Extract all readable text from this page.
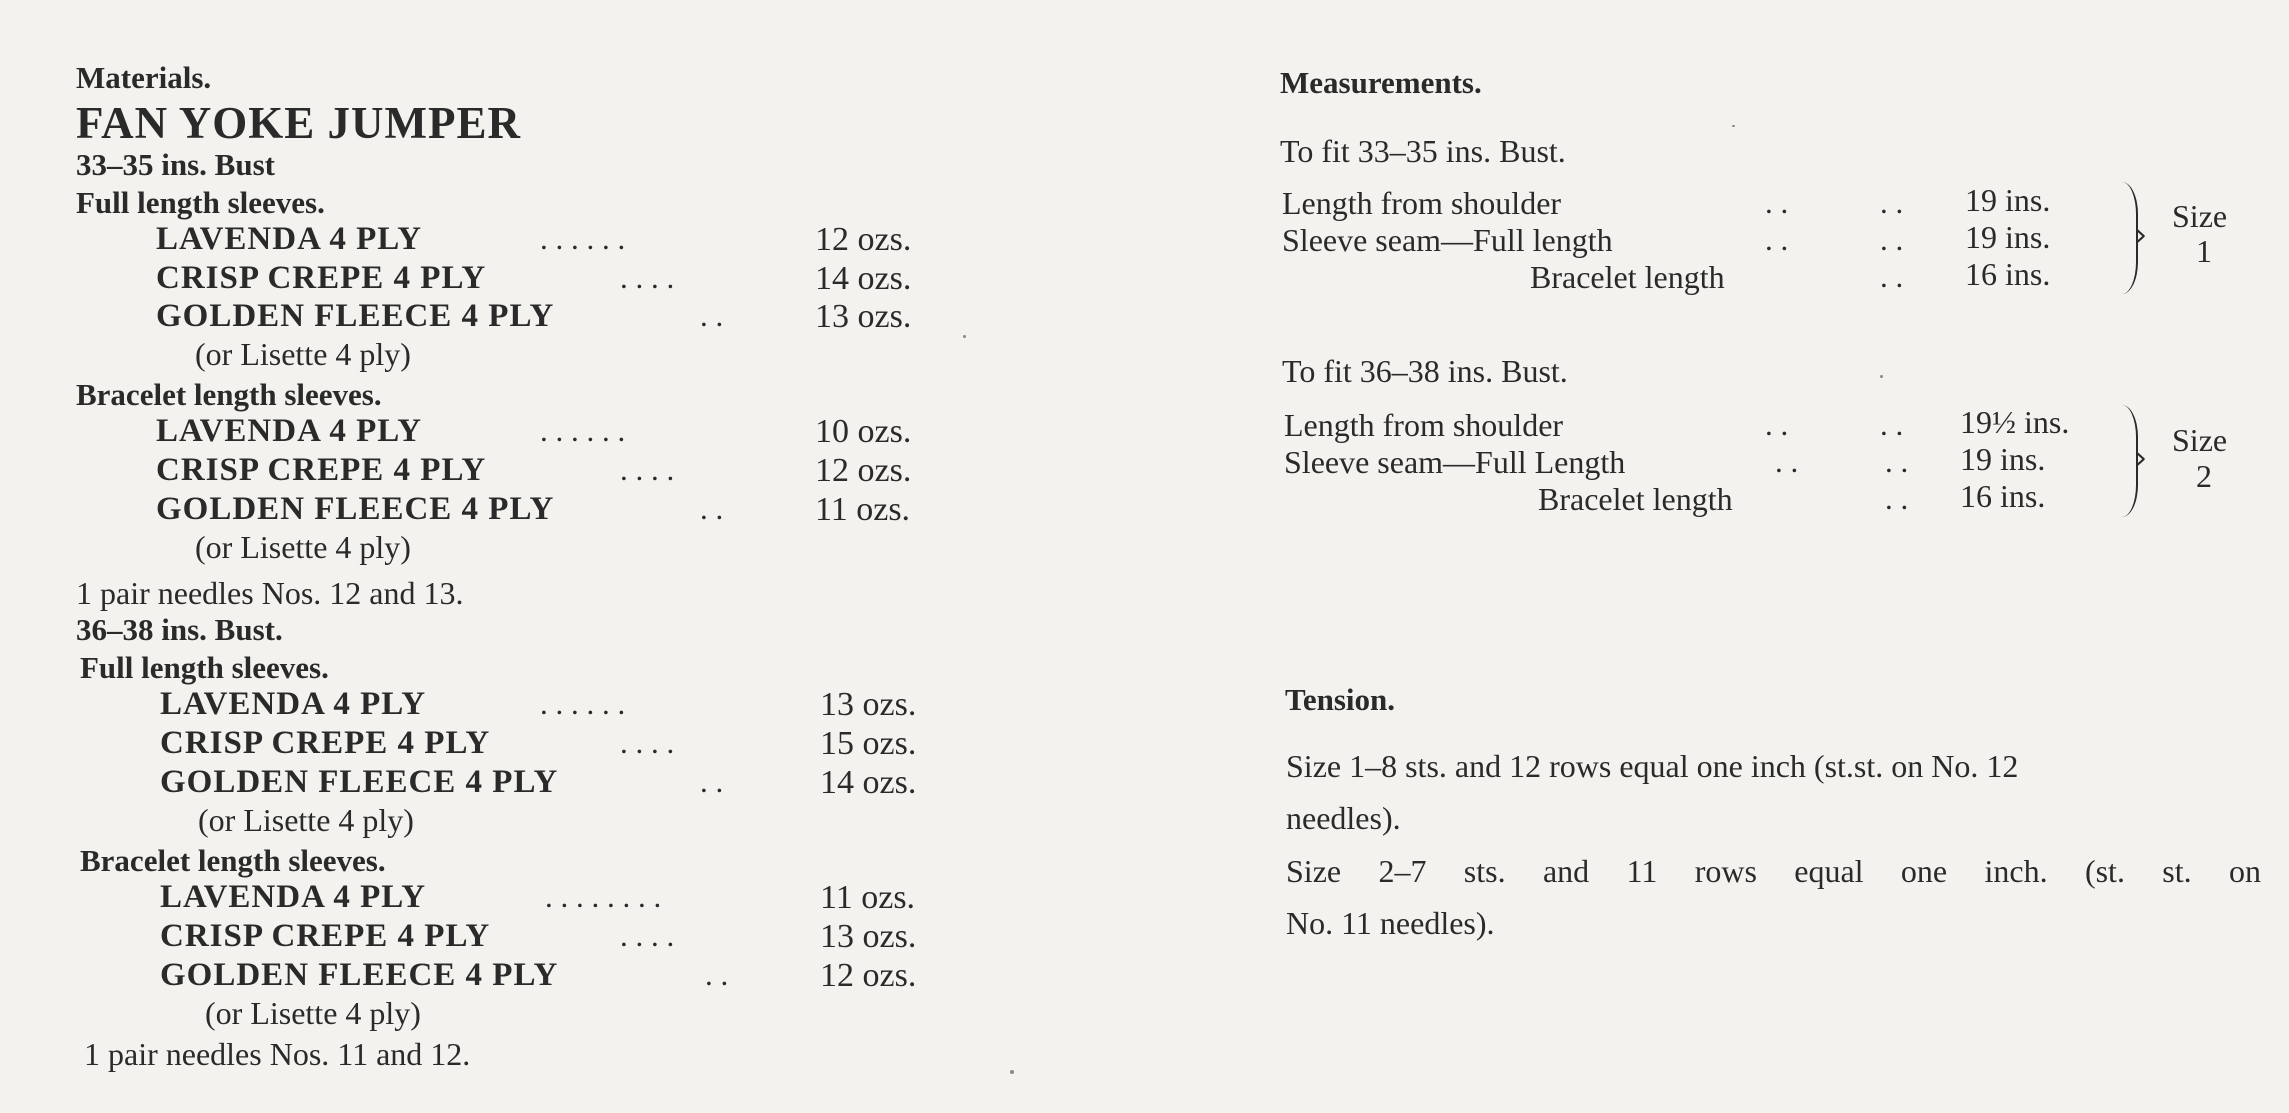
Materials.
FAN YOKE JUMPER
33–35 ins. Bust
Full length sleeves.
LAVENDA 4 PLY	. . . . . .	12 ozs.
CRISP CREPE 4 PLY	. . . .	14 ozs.
GOLDEN FLEECE 4 PLY	. .	13 ozs.
(or Lisette 4 ply)
Bracelet length sleeves.
LAVENDA 4 PLY	. . . . . .	10 ozs.
CRISP CREPE 4 PLY	. . . .	12 ozs.
GOLDEN FLEECE 4 PLY	. .	11 ozs.
(or Lisette 4 ply)
1 pair needles Nos. 12 and 13.
36–38 ins. Bust.
Full length sleeves.
LAVENDA 4 PLY	. . . . . .	13 ozs.
CRISP CREPE 4 PLY	. . . .	15 ozs.
GOLDEN FLEECE 4 PLY	. .	14 ozs.
(or Lisette 4 ply)
Bracelet length sleeves.
LAVENDA 4 PLY	. . . . . . . .	11 ozs.
CRISP CREPE 4 PLY	. . . .	13 ozs.
GOLDEN FLEECE 4 PLY	. .	12 ozs.
(or Lisette 4 ply)
1 pair needles Nos. 11 and 12.
Measurements.
To fit 33–35 ins. Bust.
Length from shoulder	. .	. . 19 ins.
Sleeve seam—Full length	. .	. . 19 ins.
Bracelet length	. . 16 ins.
›
Size
1
To fit 36–38 ins. Bust.
Length from shoulder	. .	. . 19½ ins.
Sleeve seam—Full Length	. .	. . 19 ins.
Bracelet length	. . 16 ins.
›
Size
2
Tension.
Size 1–8 sts. and 12 rows equal one inch (st.st. on No. 12
needles).
Size 2–7 sts. and 11 rows equal one inch. (st. st. on
No. 11 needles).
